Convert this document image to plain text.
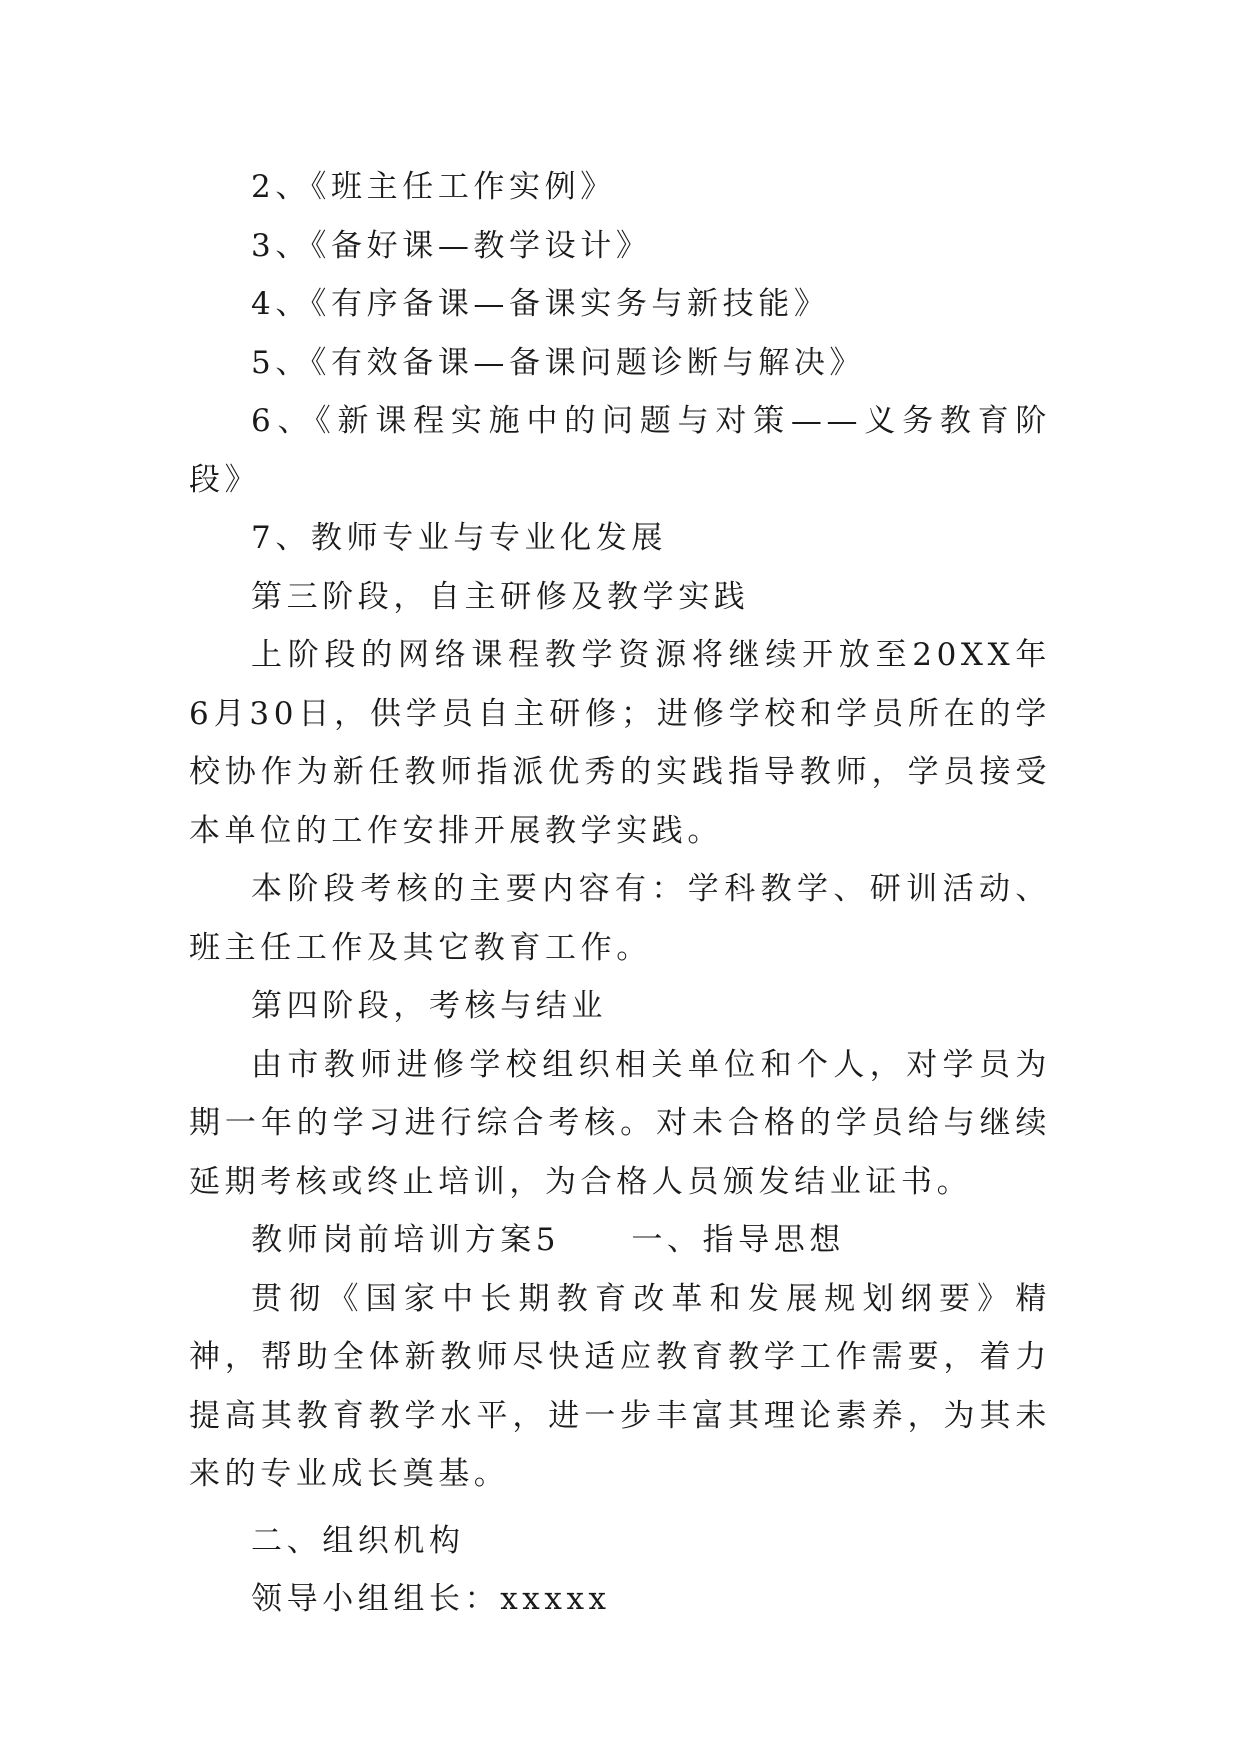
2、《班主任工作实例》

3、《备好课—教学设计》

4、《有序备课—备课实务与新技能》

5、《有效备课—备课问题诊断与解决》

6、《新课程实施中的问题与对策——义务教育阶段》

7、教师专业与专业化发展

第三阶段，自主研修及教学实践

上阶段的网络课程教学资源将继续开放至20XX年6月30日，供学员自主研修；进修学校和学员所在的学校协作为新任教师指派优秀的实践指导教师，学员接受本单位的工作安排开展教学实践。

本阶段考核的主要内容有：学科教学、研训活动、班主任工作及其它教育工作。

第四阶段，考核与结业

由市教师进修学校组织相关单位和个人，对学员为期一年的学习进行综合考核。对未合格的学员给与继续延期考核或终止培训，为合格人员颁发结业证书。

教师岗前培训方案5　　一、指导思想

贯彻《国家中长期教育改革和发展规划纲要》精神，帮助全体新教师尽快适应教育教学工作需要，着力提高其教育教学水平，进一步丰富其理论素养，为其未来的专业成长奠基。

二、组织机构

领导小组组长：xxxxx
